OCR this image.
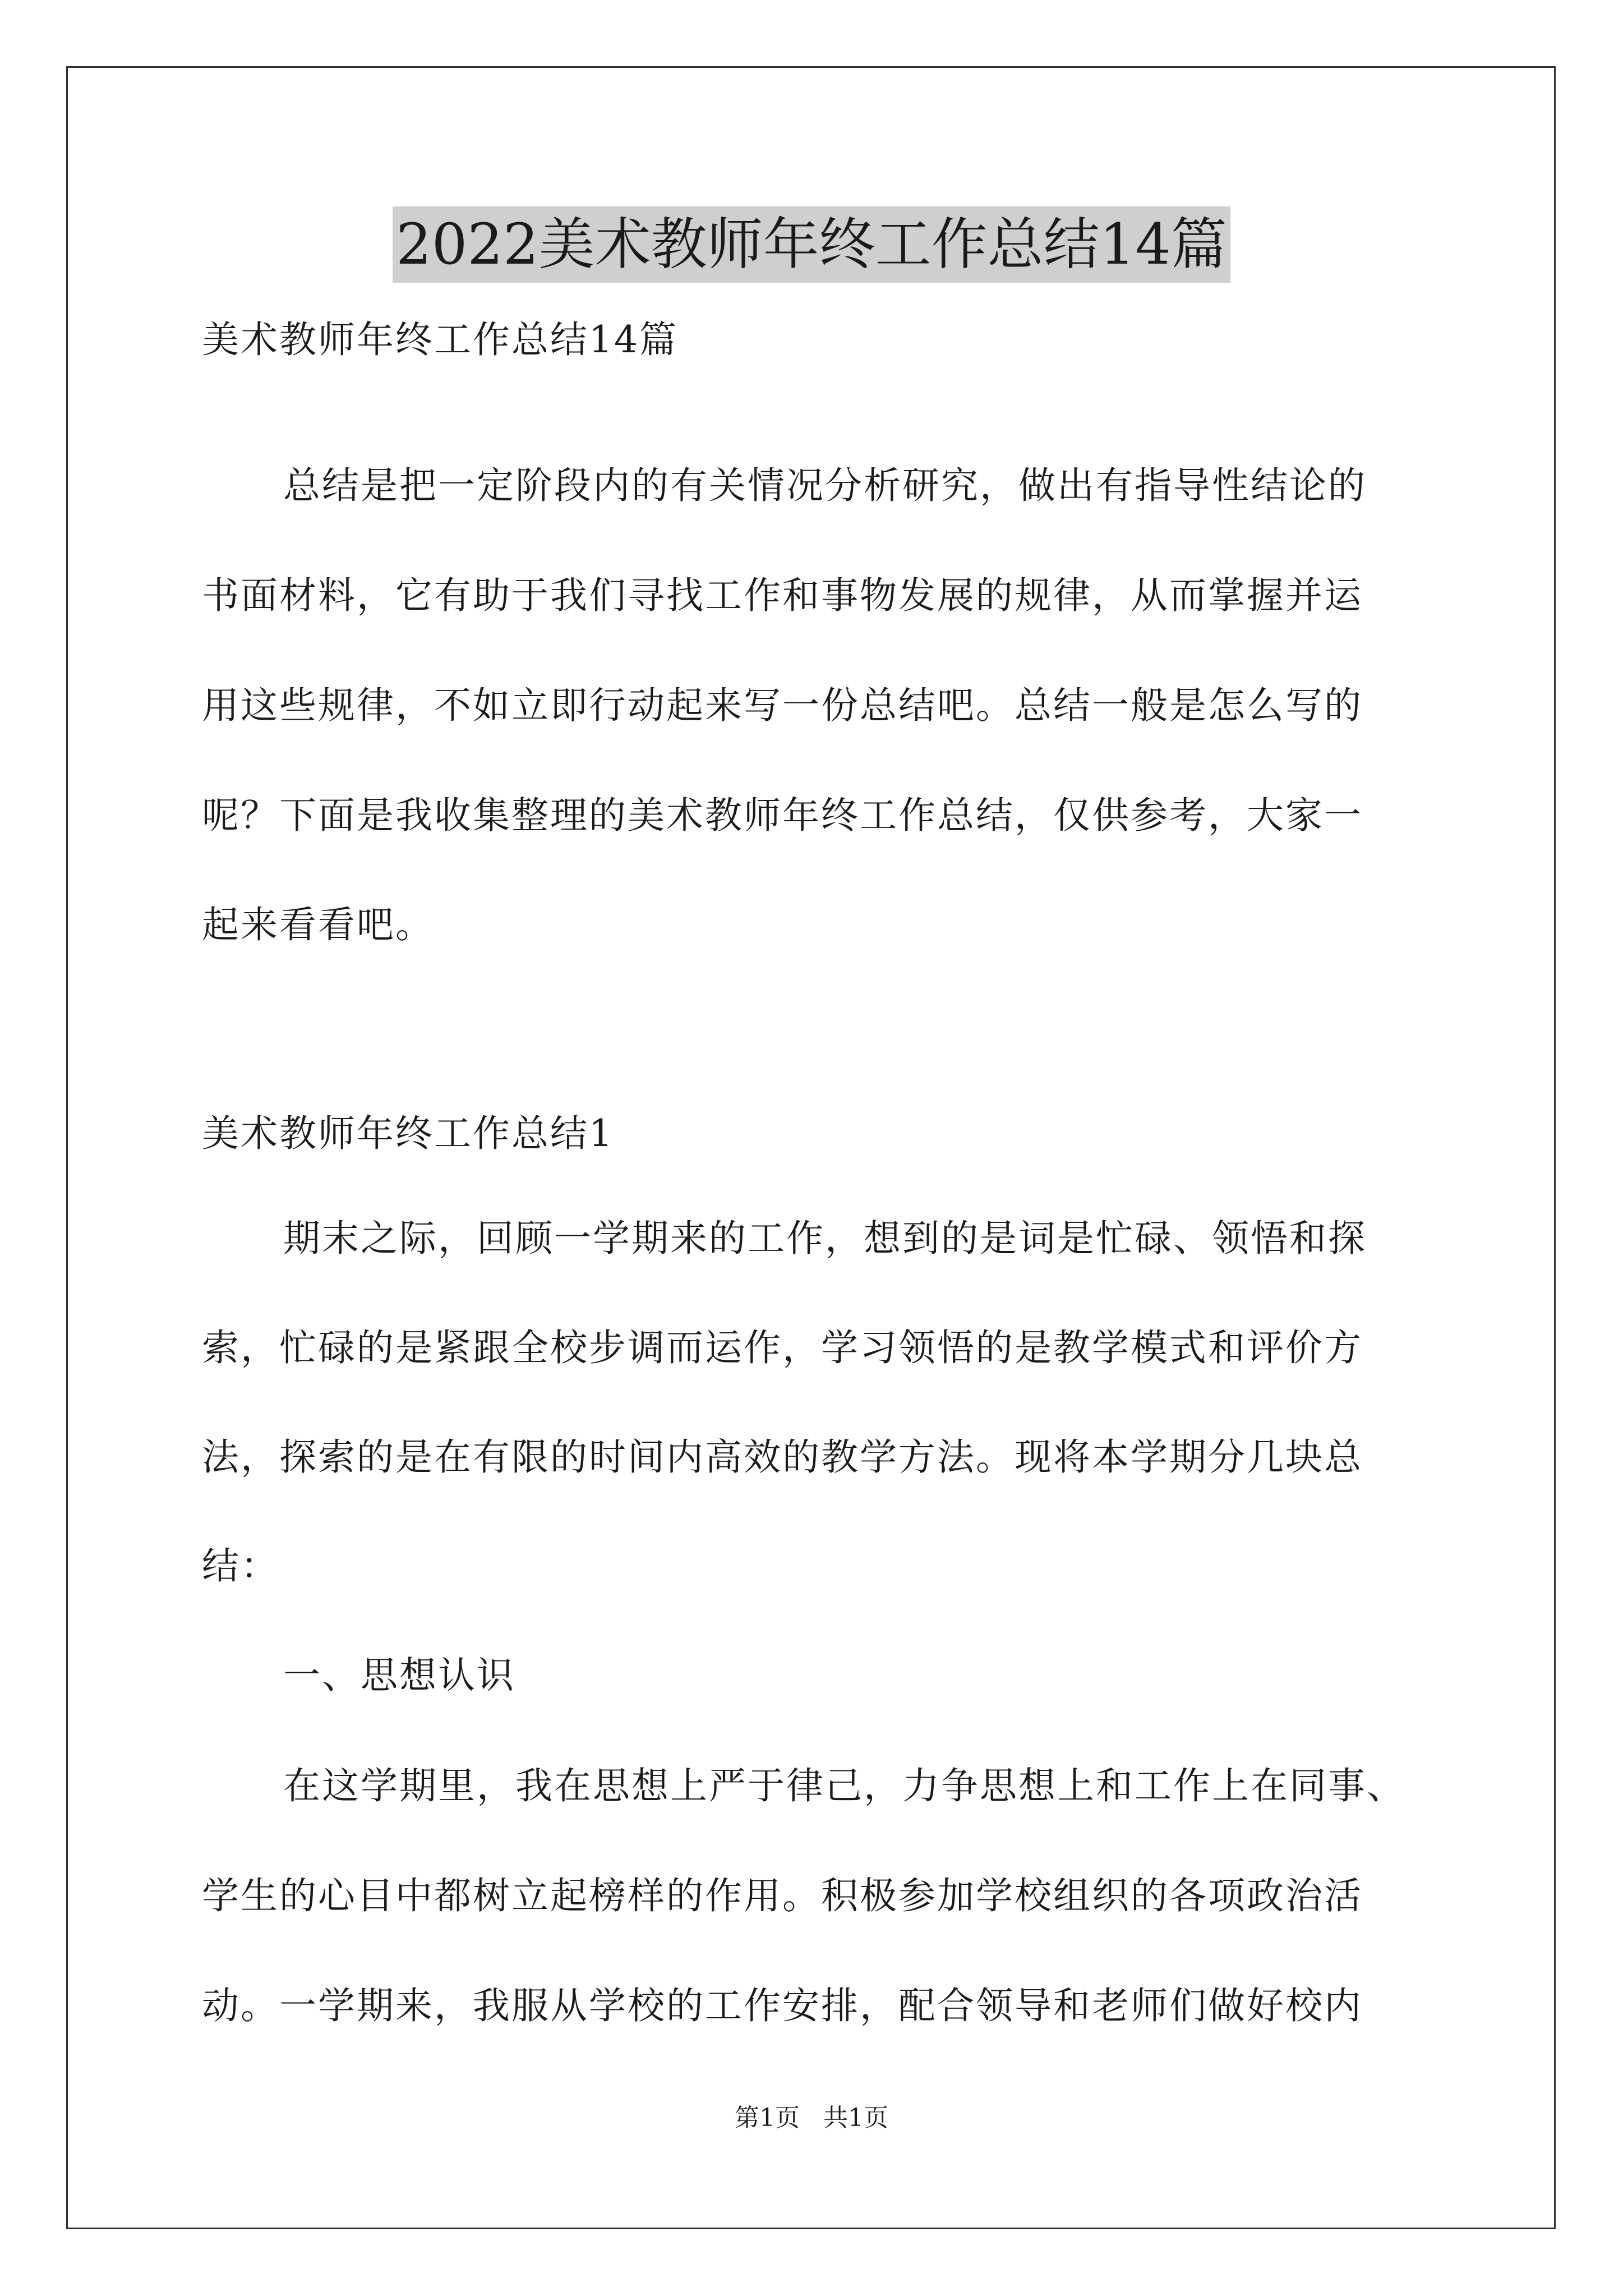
2022美术教师年终工作总结14篇
美术教师年终工作总结14篇
总结是把一定阶段内的有关情况分析研究，做出有指导性结论的
书面材料，它有助于我们寻找工作和事物发展的规律，从而掌握并运
用这些规律，不如立即行动起来写一份总结吧。总结一般是怎么写的
呢？下面是我收集整理的美术教师年终工作总结，仅供参考，大家一
起来看看吧。
美术教师年终工作总结1
期末之际，回顾一学期来的工作，想到的是词是忙碌、领悟和探
索，忙碌的是紧跟全校步调而运作，学习领悟的是教学模式和评价方
法，探索的是在有限的时间内高效的教学方法。现将本学期分几块总
结：
一、思想认识
在这学期里，我在思想上严于律己，力争思想上和工作上在同事、
学生的心目中都树立起榜样的作用。积极参加学校组织的各项政治活
动。一学期来，我服从学校的工作安排，配合领导和老师们做好校内
第1页   共1页
